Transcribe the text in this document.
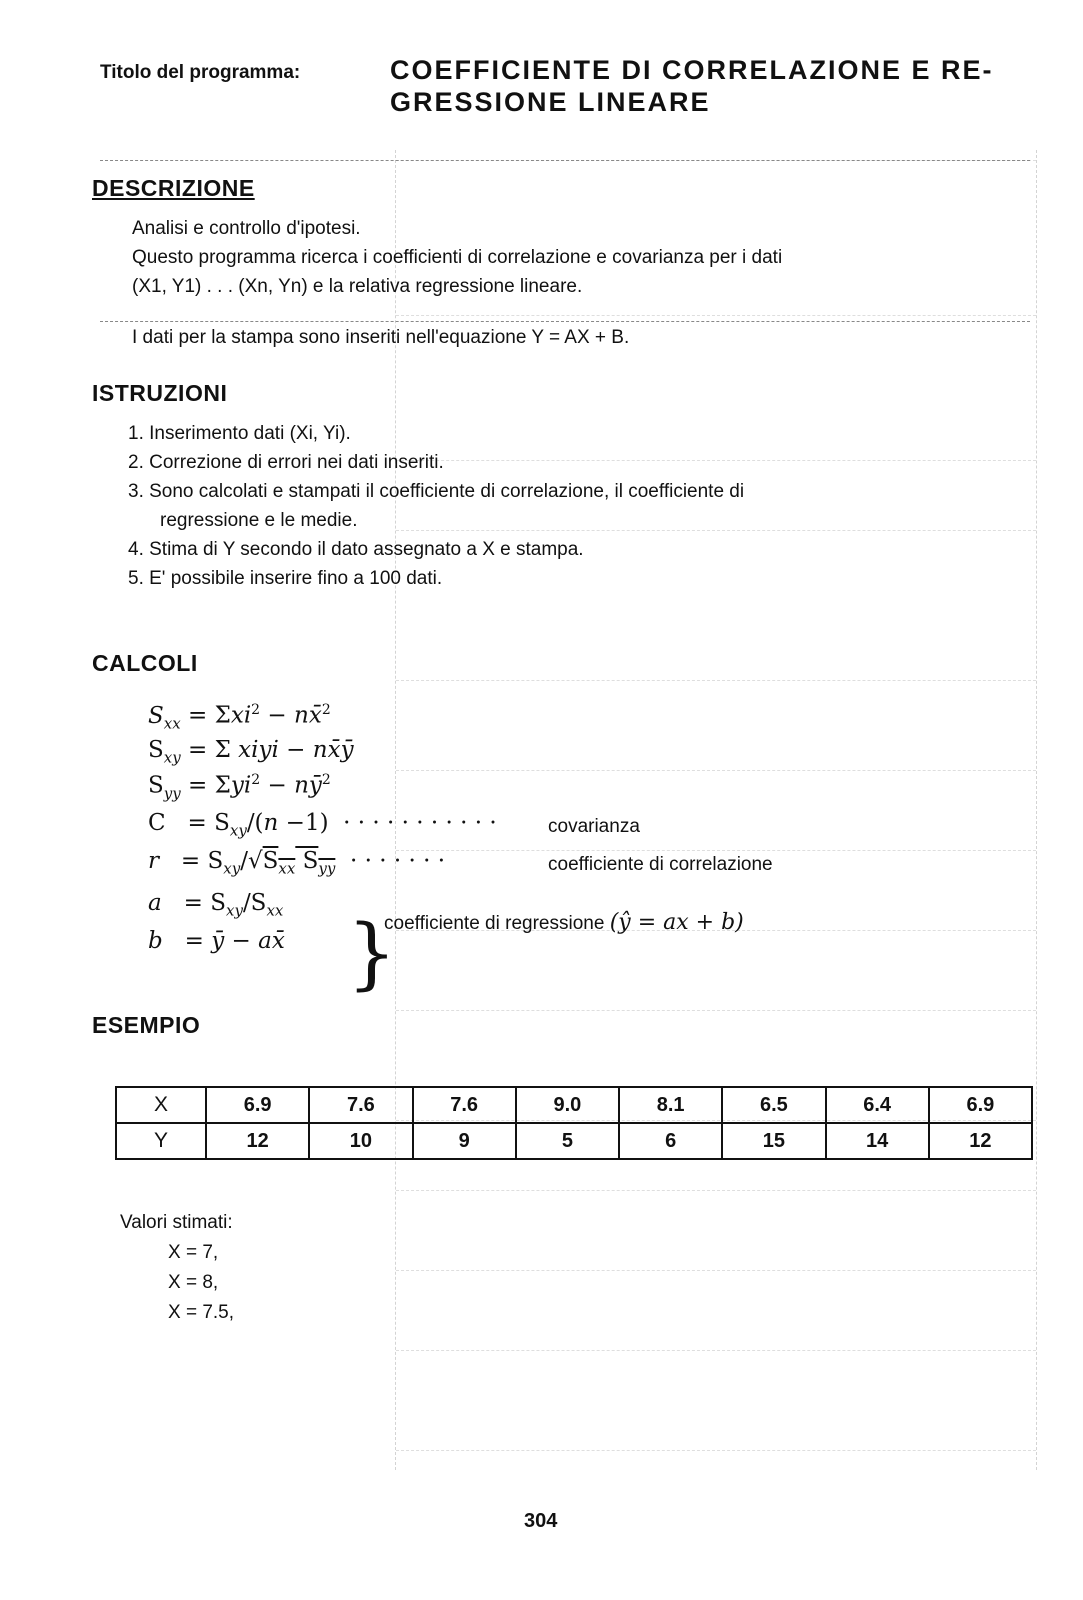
Titolo del programma:	COEFFICIENTE DI CORRELAZIONE E RE-
GRESSIONE LINEARE
DESCRIZIONE
Analisi e controllo d'ipotesi.
Questo programma ricerca i coefficienti di correlazione e covarianza per i dati
(X1, Y1) . . . (Xn, Yn) e la relativa regressione lineare.
I dati per la stampa sono inseriti nell'equazione Y = AX + B.
ISTRUZIONI
1. Inserimento dati (Xi, Yi).
2. Correzione di errori nei dati inseriti.
3. Sono calcolati e stampati il coefficiente di correlazione, il coefficiente di
regressione e le medie.
4. Stima di Y secondo il dato assegnato a X e stampa.
5. E' possibile inserire fino a 100 dati.
CALCOLI
$S_{xx} = \Sigma xi^2$ − nx̄$^2$
$S_{xy} = \Sigma$ xiyi − nx̄ȳ
$S_{yy} = \Sigma yi^2$ − $nȳ^2$
$C = S_{xy}/(n -1)$  · · · · · · · · · · ·	covarianza
$r = S_{xy}/√S_{xx}$ $S_{yy}$  · · · · · · ·	coefficiente di correlazione
$a = S_{xy}/S_{xx}$
b   = ȳ − ax̄ }
coefficiente di regressione (ŷ = ax + b)
ESEMPIO
X	6.9	7.6	7.6	9.0	8.1	6.5	6.4	6.9
Y	12	10	9	5	6	15	14	12
Valori stimati:
X = 7,
X = 8,
X = 7.5,
304
